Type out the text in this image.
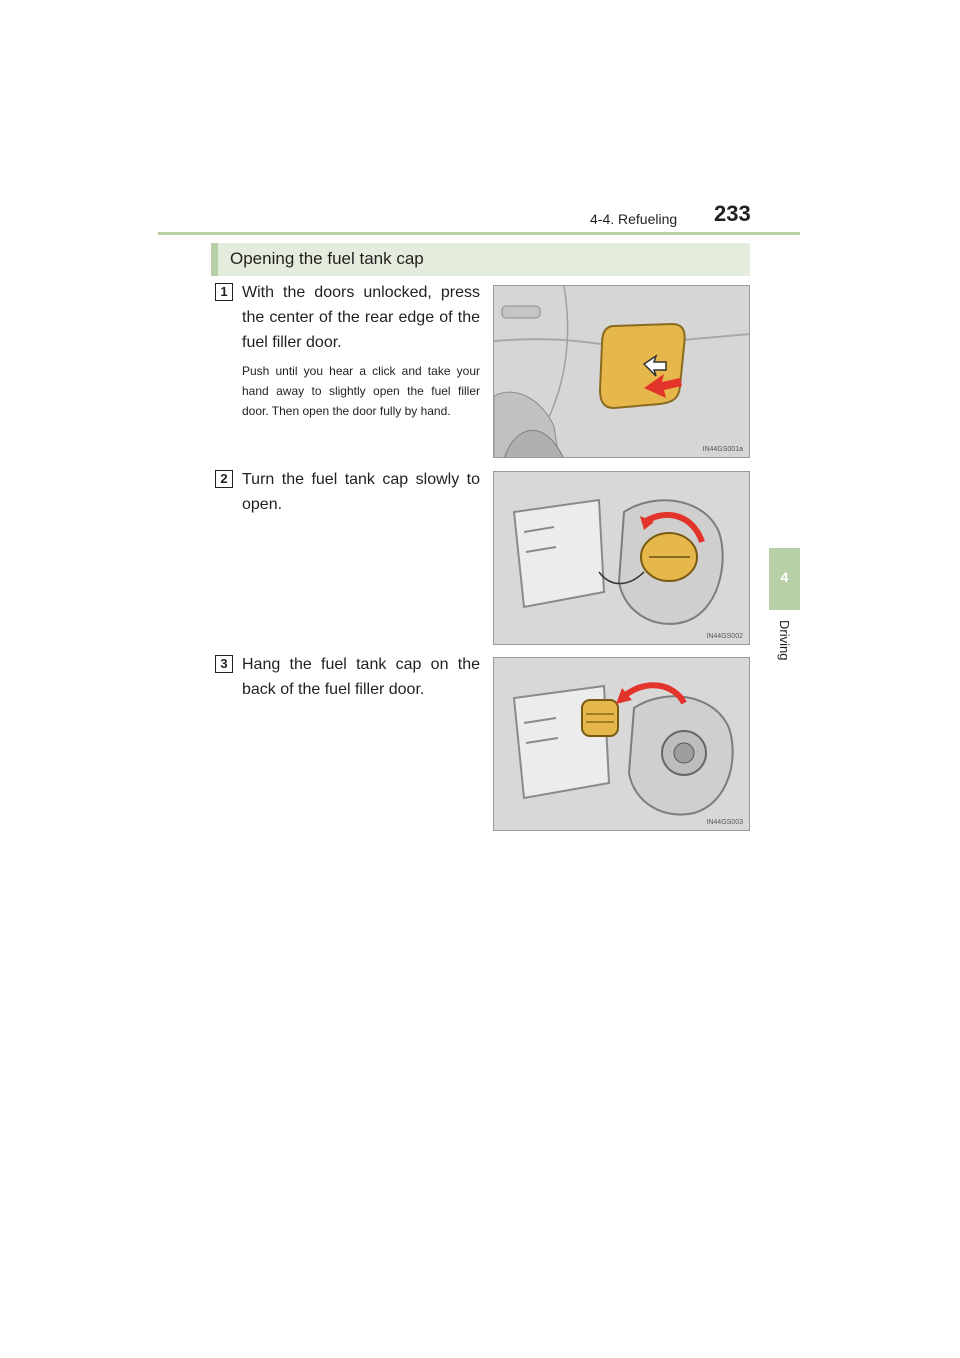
4-4. Refueling 233
4
Driving
Opening the fuel tank cap
1 With the doors unlocked, press the center of the rear edge of the fuel filler door.
Push until you hear a click and take your hand away to slightly open the fuel filler door. Then open the door fully by hand.
IN44GS001a
2 Turn the fuel tank cap slowly to open.
IN44GS002
3 Hang the fuel tank cap on the back of the fuel filler door.
IN44GS003
